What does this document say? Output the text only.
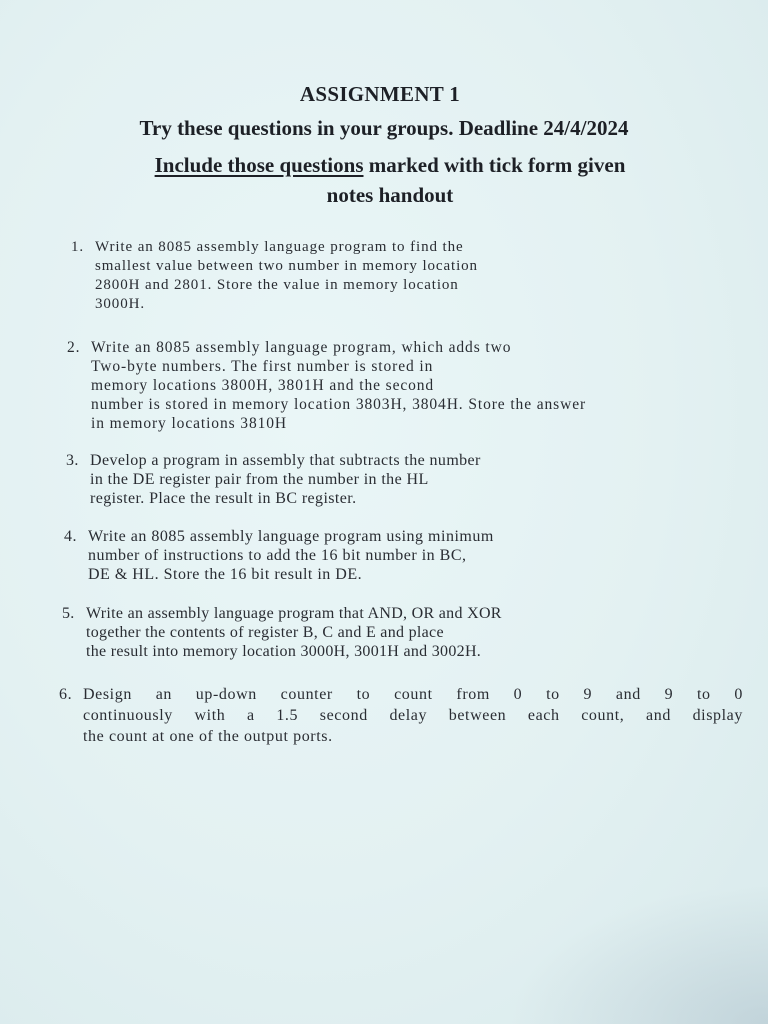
ASSIGNMENT 1
Try these questions in your groups. Deadline 24/4/2024
Include those questions marked with tick form given
notes handout
1. Write an 8085 assembly language program to find the
smallest value between two number in memory location
2800H and 2801. Store the value in memory location
3000H.
2. Write an 8085 assembly language program, which adds two
Two-byte numbers. The first number is stored in
memory locations 3800H, 3801H and the second
number is stored in memory location 3803H, 3804H. Store the answer
in memory locations 3810H
3. Develop a program in assembly that subtracts the number
in the DE register pair from the number in the HL
register. Place the result in BC register.
4. Write an 8085 assembly language program using minimum
number of instructions to add the 16 bit number in BC,
DE & HL. Store the 16 bit result in DE.
5. Write an assembly language program that AND, OR and XOR
together the contents of register B, C and E and place
the result into memory location 3000H, 3001H and 3002H.
6. Design an up-down counter to count from 0 to 9 and 9 to 0
continuously with a 1.5 second delay between each count, and display
the count at one of the output ports.
